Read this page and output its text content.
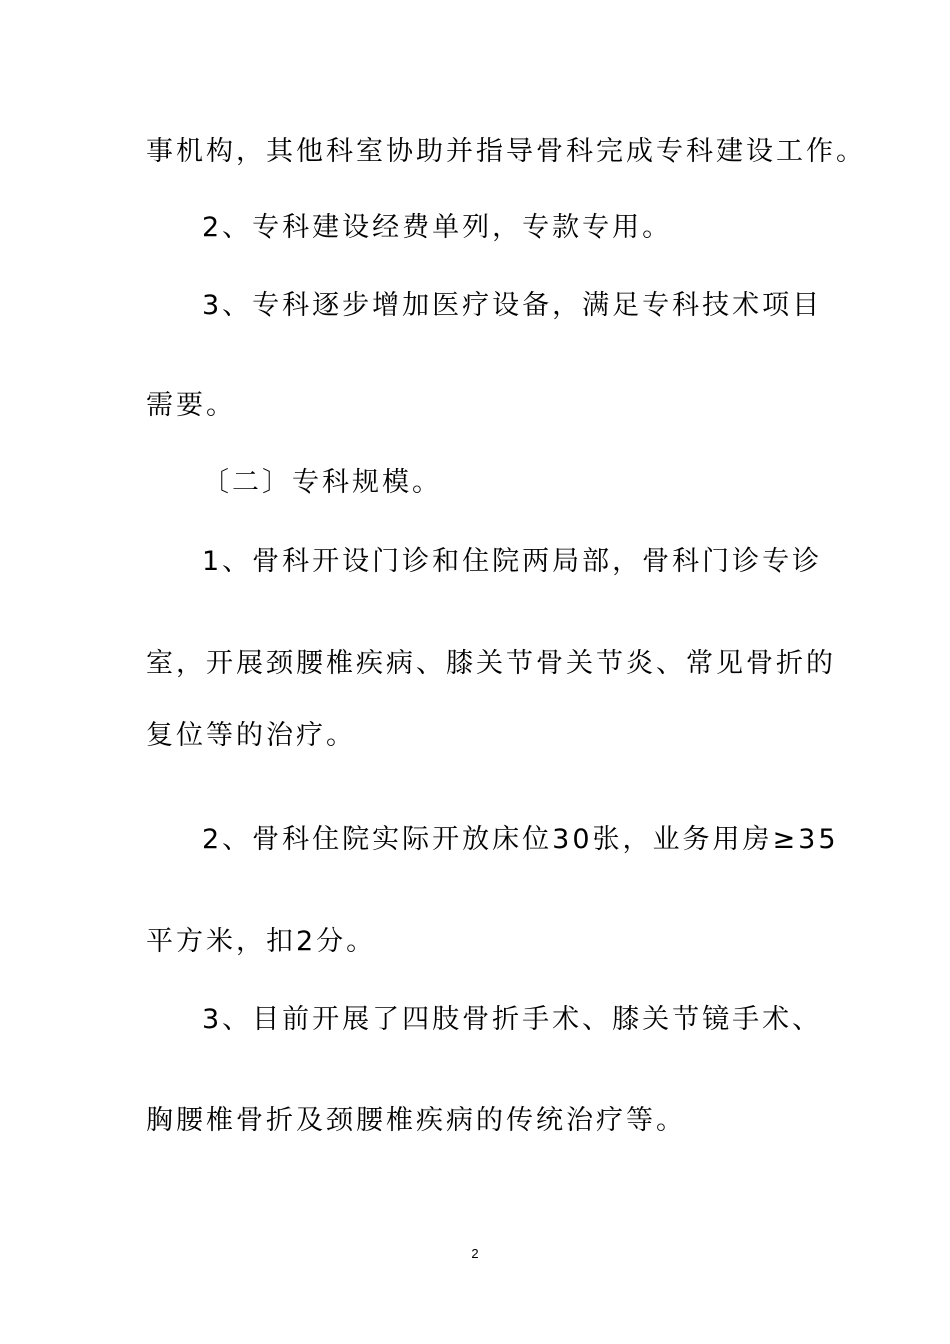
事机构，其他科室协助并指导骨科完成专科建设工作。
2、专科建设经费单列，专款专用。
3、专科逐步增加医疗设备，满足专科技术项目
需要。
〔二〕专科规模。
1、骨科开设门诊和住院两局部，骨科门诊专诊
室，开展颈腰椎疾病、膝关节骨关节炎、常见骨折的
复位等的治疗。
2、骨科住院实际开放床位30张，业务用房≥35
平方米，扣2分。
3、目前开展了四肢骨折手术、膝关节镜手术、
胸腰椎骨折及颈腰椎疾病的传统治疗等。
2
